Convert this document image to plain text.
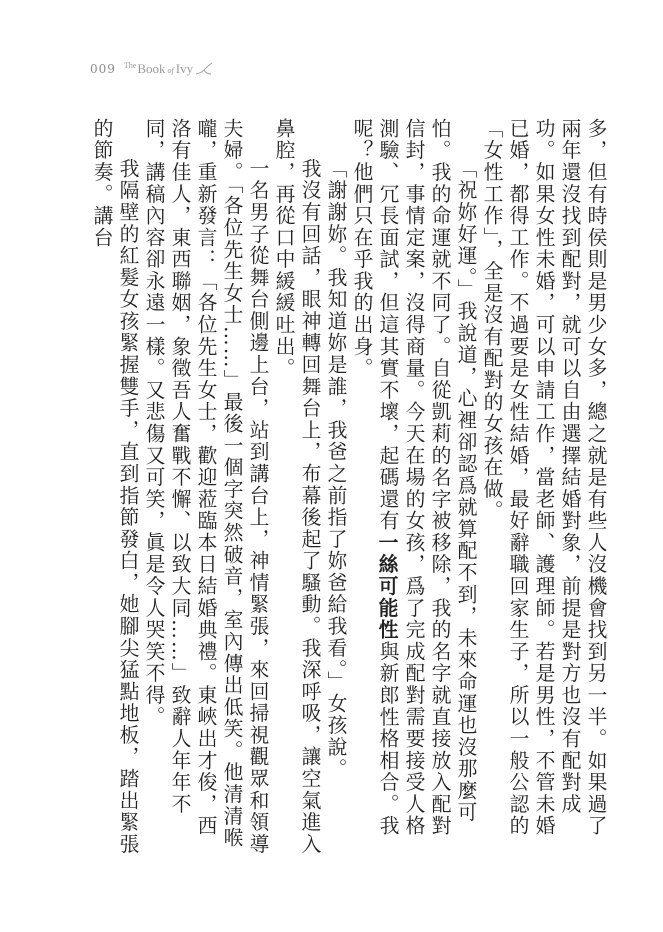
009 $^{The}$Book of Ivy

多，但有時侯則是男少女多，總之就是有些人沒機會找到另一半。如果過了兩年還沒找到配對，就可以自由選擇結婚對象，前提是對方也沒有配對成功。如果女性未婚，可以申請工作，當老師、護理師。若是男性，不管未婚已婚，都得工作。不過要是女性結婚，最好辭職回家生子，所以一般公認的「女性工作」，全是沒有配對的女孩在做。

「祝妳好運。」我說道，心裡卻認爲就算配不到，未來命運也沒那麼可怕。我的命運就不同了。自從凱莉的名字被移除，我的名字就直接放入配對信封，事情定案，沒得商量。今天在場的女孩，爲了完成配對需要接受人格測驗、冗長面試，但這其實不壞，起碼還有一絲可能性與新郎性格相合。我呢？他們只在乎我的出身。

「謝謝妳。我知道妳是誰，我爸之前指了妳爸給我看。」女孩說。

我沒有回話，眼神轉回舞台上，布幕後起了騷動。我深呼吸，讓空氣進入鼻腔，再從口中緩緩吐出。

一名男子從舞台側邊上台，站到講台上，神情緊張，來回掃視觀眾和領導夫婦。「各位先生女士……」最後一個字突然破音，室內傳出低笑。他清清喉嚨，重新發言：「各位先生女士，歡迎蒞臨本日結婚典禮。東峽出才俊，西洛有佳人，東西聯姻，象徵吾人奮戰不懈、以致大同……」致辭人年年不同，講稿內容卻永遠一樣。又悲傷又可笑，眞是令人哭笑不得。

我隔壁的紅髮女孩緊握雙手，直到指節發白，她腳尖猛點地板，踏出緊張的節奏。講台
